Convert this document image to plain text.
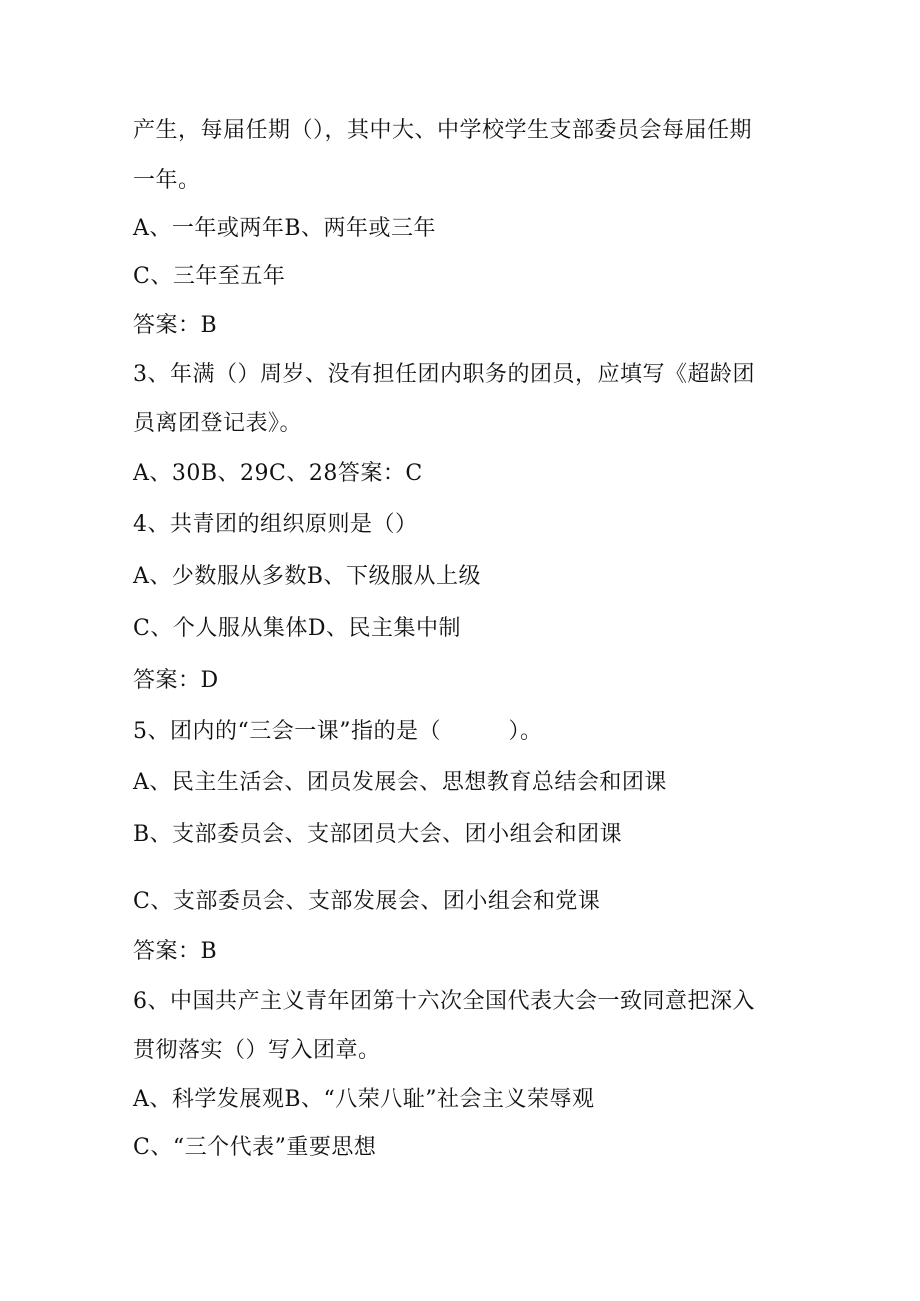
产生，每届任期（），其中大、中学校学生支部委员会每届任期
一年。
A、一年或两年B、两年或三年
C、三年至五年
答案：B
3、年满（）周岁、没有担任团内职务的团员，应填写《超龄团
员离团登记表》。
A、30B、29C、28答案：C
4、共青团的组织原则是（）
A、少数服从多数B、下级服从上级
C、个人服从集体D、民主集中制
答案：D
5、团内的“三会一课”指的是（　　　）。
A、民主生活会、团员发展会、思想教育总结会和团课
B、支部委员会、支部团员大会、团小组会和团课
C、支部委员会、支部发展会、团小组会和党课
答案：B
6、中国共产主义青年团第十六次全国代表大会一致同意把深入
贯彻落实（）写入团章。
A、科学发展观B、“八荣八耻”社会主义荣辱观
C、“三个代表”重要思想
